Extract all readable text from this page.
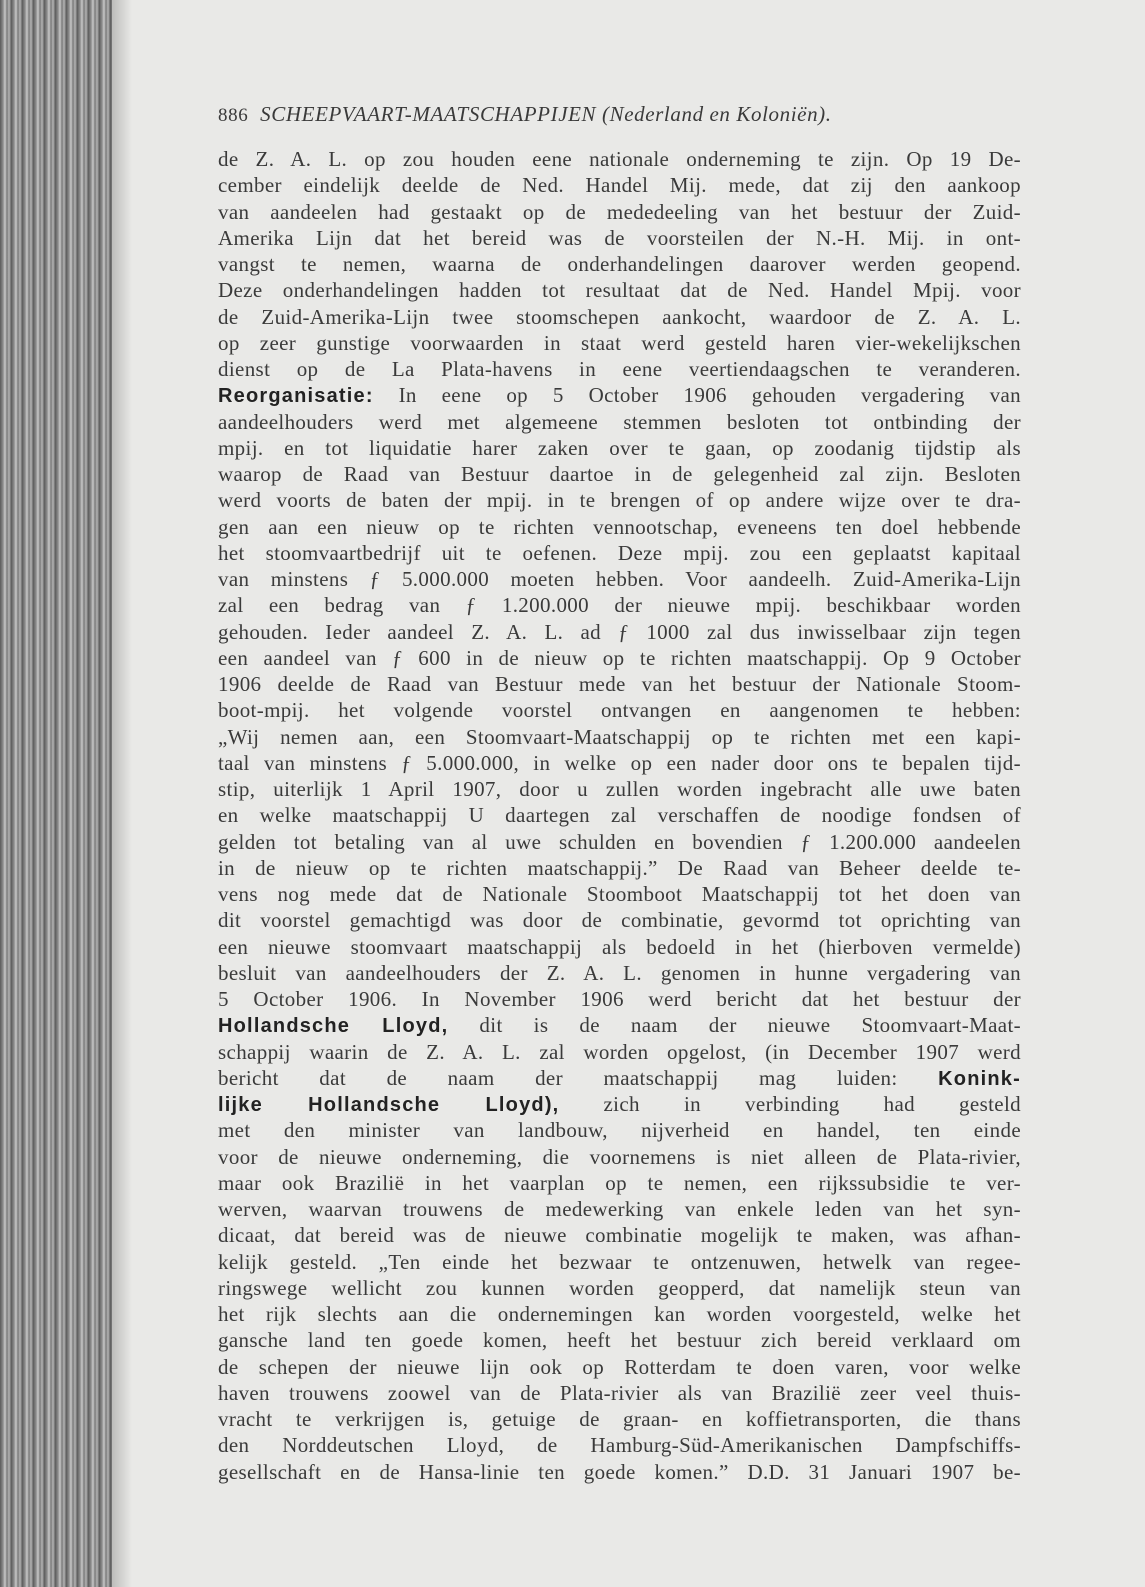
886 SCHEEPVAART-MAATSCHAPPIJEN (Nederland en Koloniën).
de Z. A. L. op zou houden eene nationale onderneming te zijn. Op 19 De-
cember eindelijk deelde de Ned. Handel Mij. mede, dat zij den aankoop
van aandeelen had gestaakt op de mededeeling van het bestuur der Zuid-
Amerika Lijn dat het bereid was de voorsteilen der N.-H. Mij. in ont-
vangst te nemen, waarna de onderhandelingen daarover werden geopend.
Deze onderhandelingen hadden tot resultaat dat de Ned. Handel Mpij. voor
de Zuid-Amerika-Lijn twee stoomschepen aankocht, waardoor de Z. A. L.
op zeer gunstige voorwaarden in staat werd gesteld haren vier-wekelijkschen
dienst op de La Plata-havens in eene veertiendaagschen te veranderen.
Reorganisatie: In eene op 5 October 1906 gehouden vergadering van
aandeelhouders werd met algemeene stemmen besloten tot ontbinding der
mpij. en tot liquidatie harer zaken over te gaan, op zoodanig tijdstip als
waarop de Raad van Bestuur daartoe in de gelegenheid zal zijn. Besloten
werd voorts de baten der mpij. in te brengen of op andere wijze over te dra-
gen aan een nieuw op te richten vennootschap, eveneens ten doel hebbende
het stoomvaartbedrijf uit te oefenen. Deze mpij. zou een geplaatst kapitaal
van minstens ƒ 5.000.000 moeten hebben. Voor aandeelh. Zuid-Amerika-Lijn
zal een bedrag van ƒ 1.200.000 der nieuwe mpij. beschikbaar worden
gehouden. Ieder aandeel Z. A. L. ad ƒ 1000 zal dus inwisselbaar zijn tegen
een aandeel van ƒ 600 in de nieuw op te richten maatschappij. Op 9 October
1906 deelde de Raad van Bestuur mede van het bestuur der Nationale Stoom-
boot-mpij. het volgende voorstel ontvangen en aangenomen te hebben:
„Wij nemen aan, een Stoomvaart-Maatschappij op te richten met een kapi-
taal van minstens ƒ 5.000.000, in welke op een nader door ons te bepalen tijd-
stip, uiterlijk 1 April 1907, door u zullen worden ingebracht alle uwe baten
en welke maatschappij U daartegen zal verschaffen de noodige fondsen of
gelden tot betaling van al uwe schulden en bovendien ƒ 1.200.000 aandeelen
in de nieuw op te richten maatschappij.” De Raad van Beheer deelde te-
vens nog mede dat de Nationale Stoomboot Maatschappij tot het doen van
dit voorstel gemachtigd was door de combinatie, gevormd tot oprichting van
een nieuwe stoomvaart maatschappij als bedoeld in het (hierboven vermelde)
besluit van aandeelhouders der Z. A. L. genomen in hunne vergadering van
5 October 1906. In November 1906 werd bericht dat het bestuur der
Hollandsche Lloyd, dit is de naam der nieuwe Stoomvaart-Maat-
schappij waarin de Z. A. L. zal worden opgelost, (in December 1907 werd
bericht dat de naam der maatschappij mag luiden: Konink-
lijke Hollandsche Lloyd), zich in verbinding had gesteld
met den minister van landbouw, nijverheid en handel, ten einde
voor de nieuwe onderneming, die voornemens is niet alleen de Plata-rivier,
maar ook Brazilië in het vaarplan op te nemen, een rijkssubsidie te ver-
werven, waarvan trouwens de medewerking van enkele leden van het syn-
dicaat, dat bereid was de nieuwe combinatie mogelijk te maken, was afhan-
kelijk gesteld. „Ten einde het bezwaar te ontzenuwen, hetwelk van regee-
ringswege wellicht zou kunnen worden geopperd, dat namelijk steun van
het rijk slechts aan die ondernemingen kan worden voorgesteld, welke het
gansche land ten goede komen, heeft het bestuur zich bereid verklaard om
de schepen der nieuwe lijn ook op Rotterdam te doen varen, voor welke
haven trouwens zoowel van de Plata-rivier als van Brazilië zeer veel thuis-
vracht te verkrijgen is, getuige de graan- en koffietransporten, die thans
den Norddeutschen Lloyd, de Hamburg-Süd-Amerikanischen Dampfschiffs-
gesellschaft en de Hansa-linie ten goede komen.” D.D. 31 Januari 1907 be-
